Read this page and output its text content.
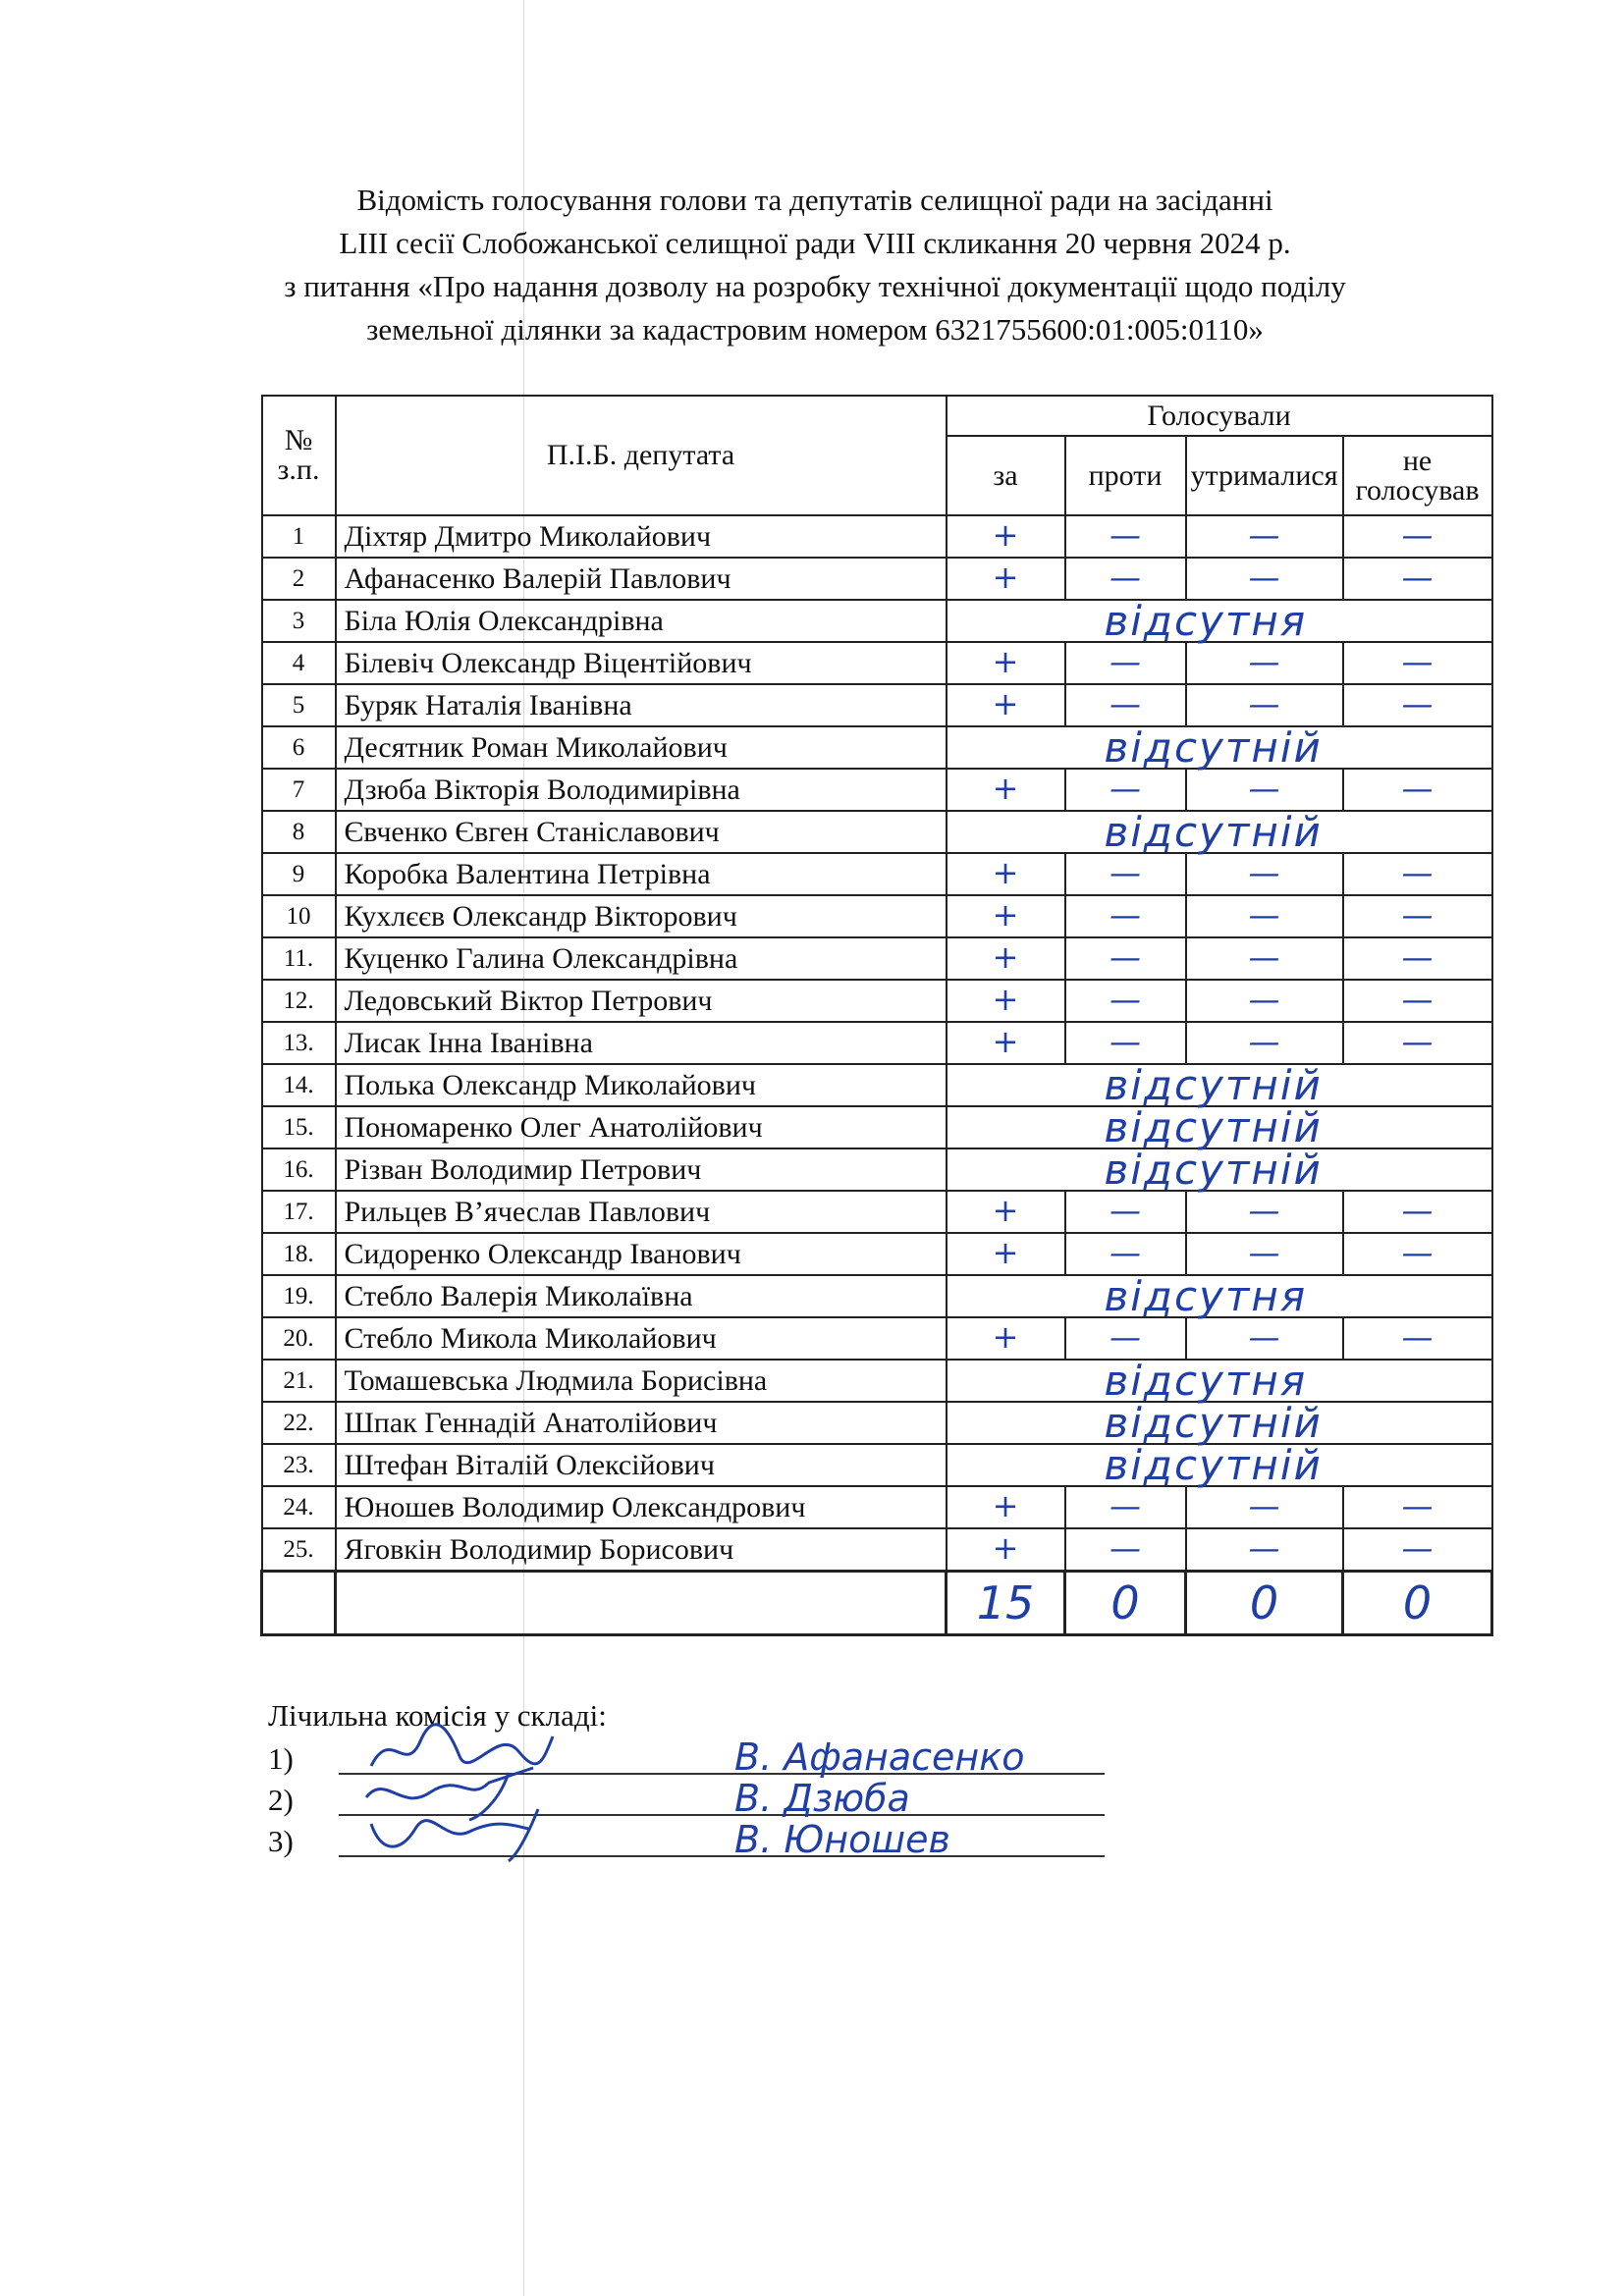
Відомість голосування голови та депутатів селищної ради на засіданні
LIII сесії Слобожанської селищної ради VIII скликання 20 червня 2024 р.
з питання «Про надання дозволу на розробку технічної документації щодо поділу
земельної ділянки за кадастровим номером 6321755600:01:005:0110»
№ з.п.	П.І.Б. депутата	Голосували			
		за	проти	утрималися	не голосував
1	Діхтяр Дмитро Миколайович	+	—	—	—
2	Афанасенко Валерій Павлович	+	—	—	—
3	Біла Юлія Олександрівна	відсутня			

4	Білевіч Олександр Віцентійович	+	—	—	—
5	Буряк Наталія Іванівна	+	—	—	—
6	Десятник Роман Миколайович	відсутній			

7	Дзюба Вікторія Володимирівна	+	—	—	—
8	Євченко Євген Станіславович	відсутній			

9	Коробка Валентина Петрівна	+	—	—	—
10	Кухлєєв Олександр Вікторович	+	—	—	—
11.	Куценко Галина Олександрівна	+	—	—	—
12.	Ледовський Віктор Петрович	+	—	—	—
13.	Лисак Інна Іванівна	+	—	—	—
14.	Полька Олександр Миколайович	відсутній			

15.	Пономаренко Олег Анатолійович	відсутній			

16.	Різван Володимир Петрович	відсутній			

17.	Рильцев В’ячеслав Павлович	+	—	—	—
18.	Сидоренко Олександр Іванович	+	—	—	—
19.	Стебло Валерія Миколаївна	відсутня			

20.	Стебло Микола Миколайович	+	—	—	—
21.	Томашевська Людмила Борисівна	відсутня			

22.	Шпак Геннадій Анатолійович	відсутній			

23.	Штефан Віталій Олексійович	відсутній			

24.	Юношев Володимир Олександрович	+	—	—	—
25.	Яговкін Володимир Борисович	+	—	—	—
		15	0	0	0
Лічильна комісія у складі:
1)	В. Афанасенко
2)	В. Дзюба
3)	В. Юношев
